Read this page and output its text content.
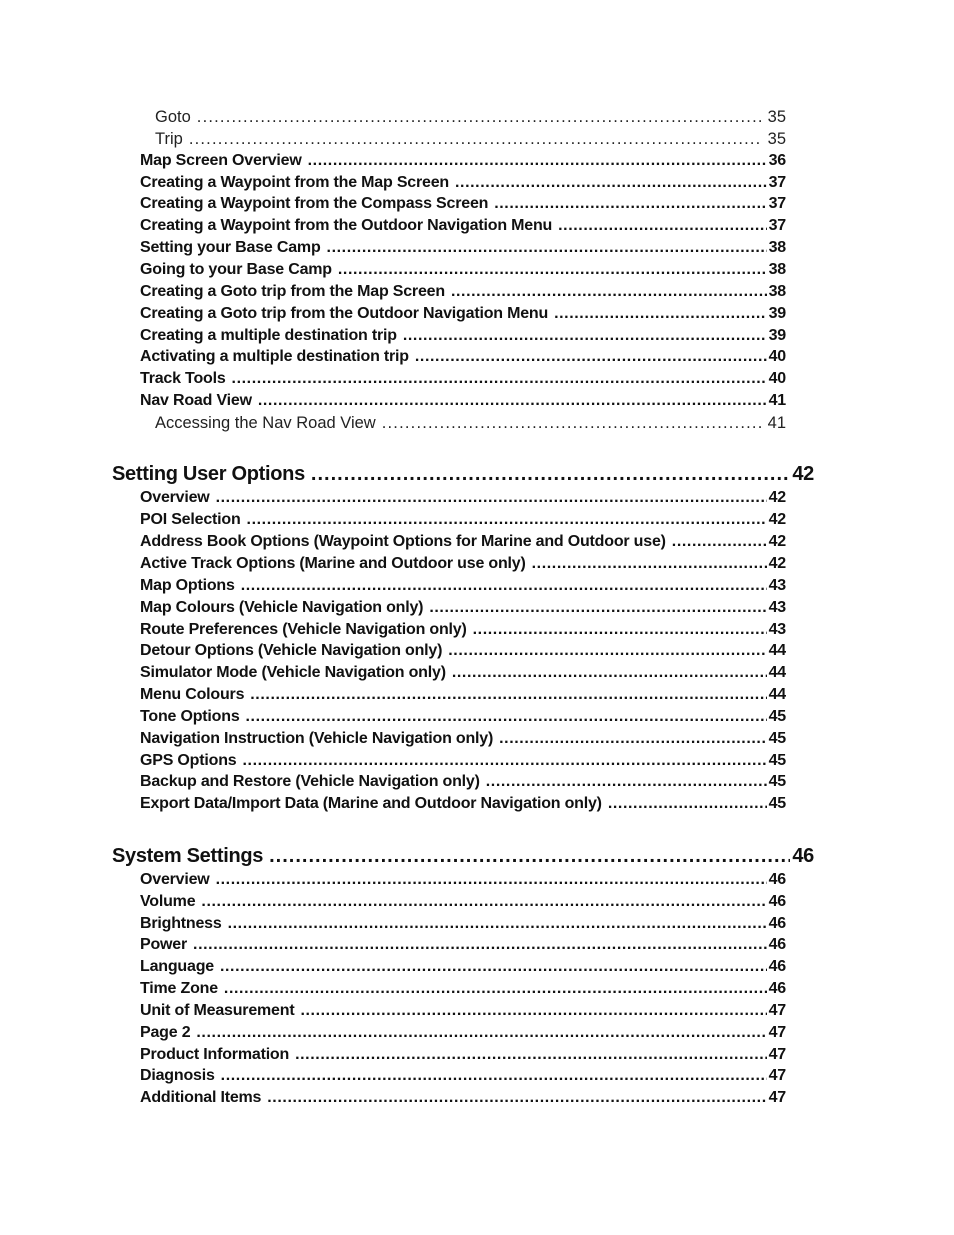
Goto .....	35
Trip .....	35
Map Screen Overview .....	36
Creating a Waypoint from the Map Screen .....	37
Creating a Waypoint from the Compass Screen .....	37
Creating a Waypoint from the Outdoor Navigation Menu .....	37
Setting your Base Camp .....	38
Going to your Base Camp .....	38
Creating a Goto trip from the Map Screen .....	38
Creating a Goto trip from the Outdoor Navigation Menu .....	39
Creating a multiple destination trip .....	39
Activating a multiple destination trip .....	40
Track Tools .....	40
Nav Road View .....	41
Accessing the Nav Road View .....	41
Setting User Options .....	42
Overview .....	42
POI Selection .....	42
Address Book Options (Waypoint Options for Marine and Outdoor use) .....	42
Active Track Options (Marine and Outdoor use only) .....	42
Map Options .....	43
Map Colours (Vehicle Navigation only) .....	43
Route Preferences (Vehicle Navigation only) .....	43
Detour Options (Vehicle Navigation only) .....	44
Simulator Mode (Vehicle Navigation only) .....	44
Menu Colours .....	44
Tone Options .....	45
Navigation Instruction (Vehicle Navigation only) .....	45
GPS Options .....	45
Backup and Restore (Vehicle Navigation only) .....	45
Export Data/Import Data (Marine and Outdoor Navigation only) .....	45
System Settings .....	46
Overview .....	46
Volume .....	46
Brightness .....	46
Power .....	46
Language .....	46
Time Zone .....	46
Unit of Measurement .....	47
Page 2 .....	47
Product Information .....	47
Diagnosis .....	47
Additional Items .....	47
